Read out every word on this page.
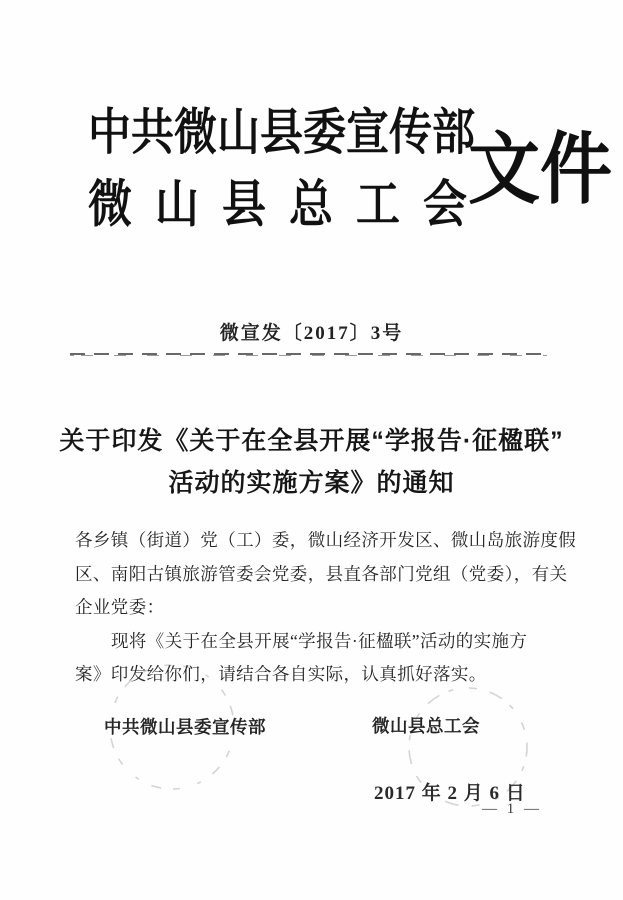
中共微山县委宣传部
微山县总工会
文件
微宣发〔2017〕3号
关于印发《关于在全县开展“学报告·征楹联”
活动的实施方案》的通知
各乡镇（街道）党（工）委，微山经济开发区、微山岛旅游度假
区、南阳古镇旅游管委会党委，县直各部门党组（党委），有关
企业党委：
现将《关于在全县开展“学报告·征楹联”活动的实施方
案》印发给你们，请结合各自实际，认真抓好落实。
中共微山县委宣传部	微山县总工会
2017 年 2 月 6 日
— 1 —
